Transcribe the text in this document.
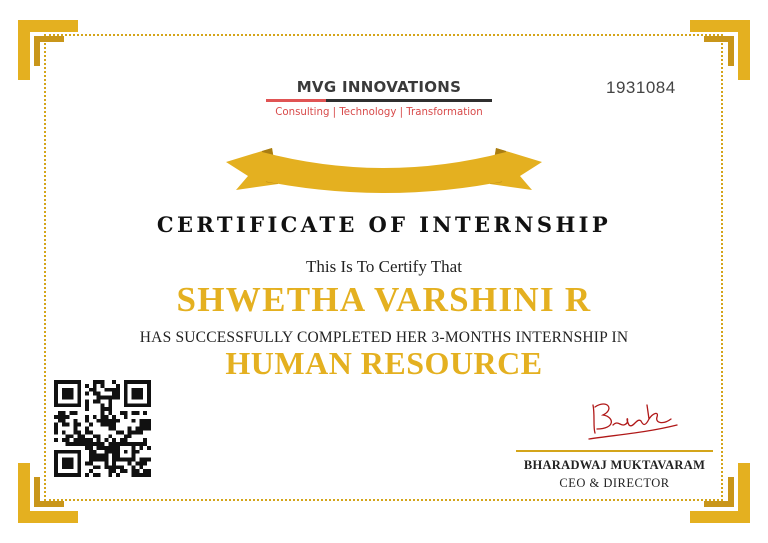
1931084
MVG INNOVATIONS
Consulting | Technology | Transformation
CERTIFICATE OF INTERNSHIP
This Is To Certify That
SHWETHA VARSHINI R
HAS SUCCESSFULLY COMPLETED HER 3-MONTHS INTERNSHIP IN
HUMAN RESOURCE
BHARADWAJ MUKTAVARAM
CEO & DIRECTOR
